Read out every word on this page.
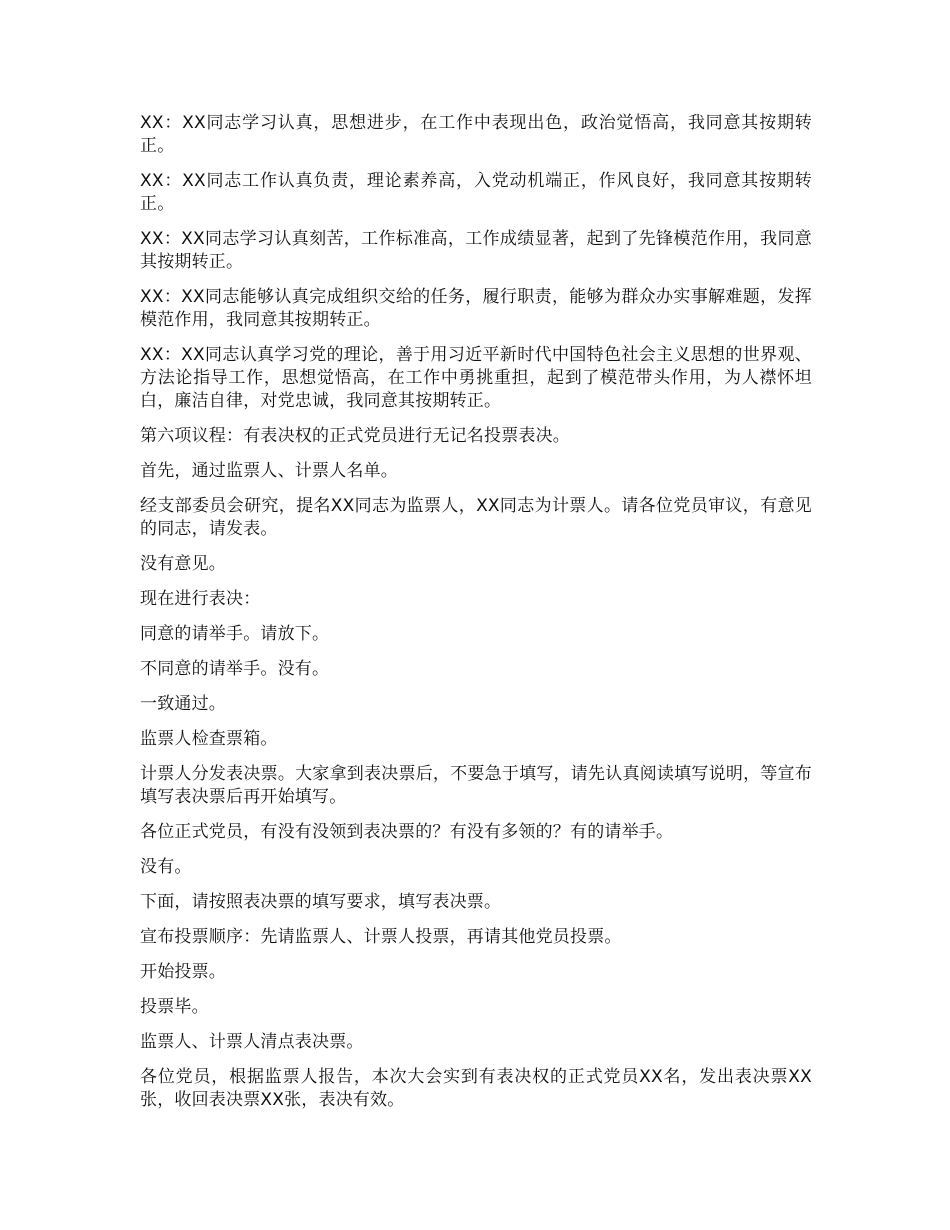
XX：XX同志学习认真，思想进步，在工作中表现出色，政治觉悟高，我同意其按期转正。

XX：XX同志工作认真负责，理论素养高，入党动机端正，作风良好，我同意其按期转正。

XX：XX同志学习认真刻苦，工作标准高，工作成绩显著，起到了先锋模范作用，我同意其按期转正。

XX：XX同志能够认真完成组织交给的任务，履行职责，能够为群众办实事解难题，发挥模范作用，我同意其按期转正。

XX：XX同志认真学习党的理论，善于用习近平新时代中国特色社会主义思想的世界观、方法论指导工作，思想觉悟高，在工作中勇挑重担，起到了模范带头作用，为人襟怀坦白，廉洁自律，对党忠诚，我同意其按期转正。

第六项议程：有表决权的正式党员进行无记名投票表决。

首先，通过监票人、计票人名单。

经支部委员会研究，提名XX同志为监票人，XX同志为计票人。请各位党员审议，有意见的同志，请发表。

没有意见。

现在进行表决：

同意的请举手。请放下。

不同意的请举手。没有。

一致通过。

监票人检查票箱。

计票人分发表决票。大家拿到表决票后，不要急于填写，请先认真阅读填写说明，等宣布填写表决票后再开始填写。

各位正式党员，有没有没领到表决票的？有没有多领的？有的请举手。

没有。

下面，请按照表决票的填写要求，填写表决票。

宣布投票顺序：先请监票人、计票人投票，再请其他党员投票。

开始投票。

投票毕。

监票人、计票人清点表决票。

各位党员，根据监票人报告，本次大会实到有表决权的正式党员XX名，发出表决票XX张，收回表决票XX张，表决有效。
